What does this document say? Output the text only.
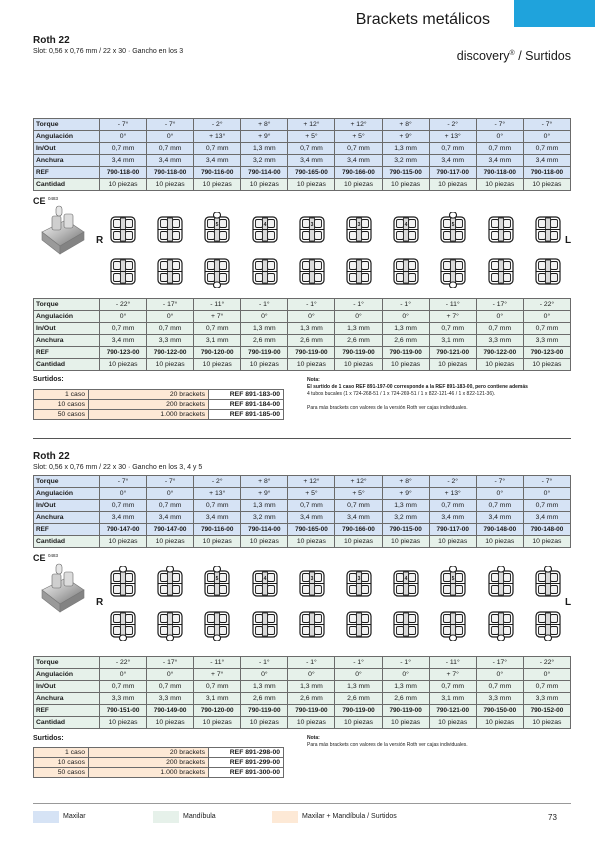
Brackets metálicos
discovery® / Surtidos
Roth 22
Slot: 0,56 x 0,76 mm / 22 x 30 · Gancho en los 3
Torque	- 7°	- 7°	- 2°	+ 8°	+ 12°	+ 12°	+ 8°	- 2°	- 7°	- 7°
Angulación	0°	0°	+ 13°	+ 9°	+ 5°	+ 5°	+ 9°	+ 13°	0°	0°
In/Out	0,7 mm	0,7 mm	0,7 mm	1,3 mm	0,7 mm	0,7 mm	1,3 mm	0,7 mm	0,7 mm	0,7 mm
Anchura	3,4 mm	3,4 mm	3,4 mm	3,2 mm	3,4 mm	3,4 mm	3,2 mm	3,4 mm	3,4 mm	3,4 mm
REF	790-118-00	790-118-00	790-116-00	790-114-00	790-165-00	790-166-00	790-115-00	790-117-00	790-118-00	790-118-00
Cantidad	10 piezas	10 piezas	10 piezas	10 piezas	10 piezas	10 piezas	10 piezas	10 piezas	10 piezas	10 piezas
CE $^{0483}$
R	L
5	4	3	3	4	5
Torque	- 22°	- 17°	- 11°	- 1°	- 1°	- 1°	- 1°	- 11°	- 17°	- 22°
Angulación	0°	0°	+ 7°	0°	0°	0°	0°	+ 7°	0°	0°
In/Out	0,7 mm	0,7 mm	0,7 mm	1,3 mm	1,3 mm	1,3 mm	1,3 mm	0,7 mm	0,7 mm	0,7 mm
Anchura	3,4 mm	3,3 mm	3,1 mm	2,6 mm	2,6 mm	2,6 mm	2,6 mm	3,1 mm	3,3 mm	3,3 mm
REF	790-123-00	790-122-00	790-120-00	790-119-00	790-119-00	790-119-00	790-119-00	790-121-00	790-122-00	790-123-00
Cantidad	10 piezas	10 piezas	10 piezas	10 piezas	10 piezas	10 piezas	10 piezas	10 piezas	10 piezas	10 piezas
Surtidos:
1 caso	20 brackets	REF 891-183-00
10 casos	200 brackets	REF 891-184-00
50 casos	1.000 brackets	REF 891-185-00
Nota:
El surtido de 1 caso REF 891-197-00 corresponde a la REF 891-183-00, pero contiene además
4 tubos bucales (1 x 724-268-51 / 1 x 724-269-51 / 1 x 822-121-46 / 1 x 822-121-36).
Para más brackets con valores de la versión Roth ver cajas individuales.
Roth 22
Slot: 0,56 x 0,76 mm / 22 x 30 · Gancho en los 3, 4 y 5
Torque	- 7°	- 7°	- 2°	+ 8°	+ 12°	+ 12°	+ 8°	- 2°	- 7°	- 7°
Angulación	0°	0°	+ 13°	+ 9°	+ 5°	+ 5°	+ 9°	+ 13°	0°	0°
In/Out	0,7 mm	0,7 mm	0,7 mm	1,3 mm	0,7 mm	0,7 mm	1,3 mm	0,7 mm	0,7 mm	0,7 mm
Anchura	3,4 mm	3,4 mm	3,4 mm	3,2 mm	3,4 mm	3,4 mm	3,2 mm	3,4 mm	3,4 mm	3,4 mm
REF	790-147-00	790-147-00	790-116-00	790-114-00	790-165-00	790-166-00	790-115-00	790-117-00	790-148-00	790-148-00
Cantidad	10 piezas	10 piezas	10 piezas	10 piezas	10 piezas	10 piezas	10 piezas	10 piezas	10 piezas	10 piezas
CE $^{0483}$
R	L
5	4	3	3	4	5
Torque	- 22°	- 17°	- 11°	- 1°	- 1°	- 1°	- 1°	- 11°	- 17°	- 22°
Angulación	0°	0°	+ 7°	0°	0°	0°	0°	+ 7°	0°	0°
In/Out	0,7 mm	0,7 mm	0,7 mm	1,3 mm	1,3 mm	1,3 mm	1,3 mm	0,7 mm	0,7 mm	0,7 mm
Anchura	3,3 mm	3,3 mm	3,1 mm	2,6 mm	2,6 mm	2,6 mm	2,6 mm	3,1 mm	3,3 mm	3,3 mm
REF	790-151-00	790-149-00	790-120-00	790-119-00	790-119-00	790-119-00	790-119-00	790-121-00	790-150-00	790-152-00
Cantidad	10 piezas	10 piezas	10 piezas	10 piezas	10 piezas	10 piezas	10 piezas	10 piezas	10 piezas	10 piezas
Surtidos:
1 caso	20 brackets	REF 891-298-00
10 casos	200 brackets	REF 891-299-00
50 casos	1.000 brackets	REF 891-300-00
Nota:
Para más brackets con valores de la versión Roth ver cajas individuales.
Maxilar	Mandíbula	Maxilar + Mandíbula / Surtidos	73
